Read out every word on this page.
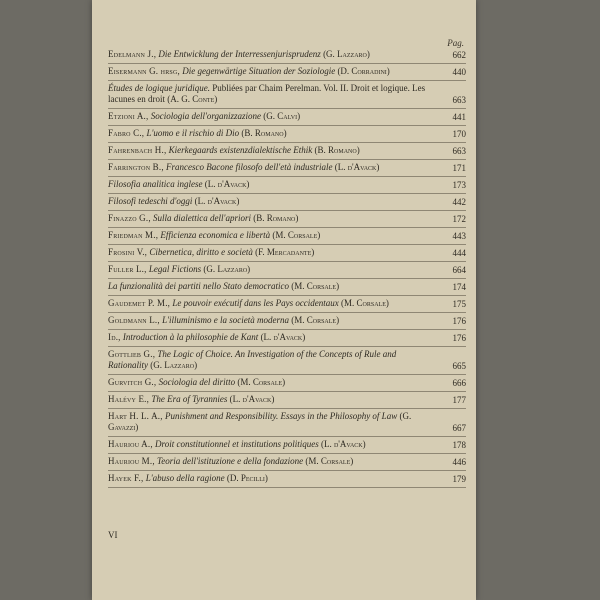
Pag.
Edelmann J., Die Entwicklung der Interressenjurisprudenz (G. Lazzaro)	662
Eisermann G. hrsg, Die gegenwärtige Situation der Soziologie (D. Corradini)	440
Études de logique juridique. Publiées par Chaim Perelman. Vol. II. Droit et logique. Les lacunes en droit (A. G. Conte)	663
Etzioni A., Sociologia dell'organizzazione (G. Calvi)	441
Fabro C., L'uomo e il rischio di Dio (B. Romano)	170
Fahrenbach H., Kierkegaards existenzdialektische Ethik (B. Romano)	663
Farrington B., Francesco Bacone filosofo dell'età industriale (L. d'Avack)	171
Filosofia analitica inglese (L. d'Avack)	173
Filosofi tedeschi d'oggi (L. d'Avack)	442
Finazzo G., Sulla dialettica dell'apriori (B. Romano)	172
Friedman M., Efficienza economica e libertà (M. Corsale)	443
Frosini V., Cibernetica, diritto e società (F. Mercadante)	444
Fuller L., Legal Fictions (G. Lazzaro)	664
La funzionalità dei partiti nello Stato democratico (M. Corsale)	174
Gaudemet P. M., Le pouvoir exécutif dans les Pays occidentaux (M. Corsale)	175
Goldmann L., L'illuminismo e la società moderna (M. Corsale)	176
Id., Introduction à la philosophie de Kant (L. d'Avack)	176
Gottlieb G., The Logic of Choice. An Investigation of the Concepts of Rule and Rationality (G. Lazzaro)	665
Gurvitch G., Sociologia del diritto (M. Corsale)	666
Halévy E., The Era of Tyrannies (L. d'Avack)	177
Hart H. L. A., Punishment and Responsibility. Essays in the Philosophy of Law (G. Gavazzi)	667
Hauriou A., Droit constitutionnel et institutions politiques (L. d'Avack)	178
Hauriou M., Teoria dell'istituzione e della fondazione (M. Corsale)	446
Hayek F., L'abuso della ragione (D. Pecilli)	179
VI
